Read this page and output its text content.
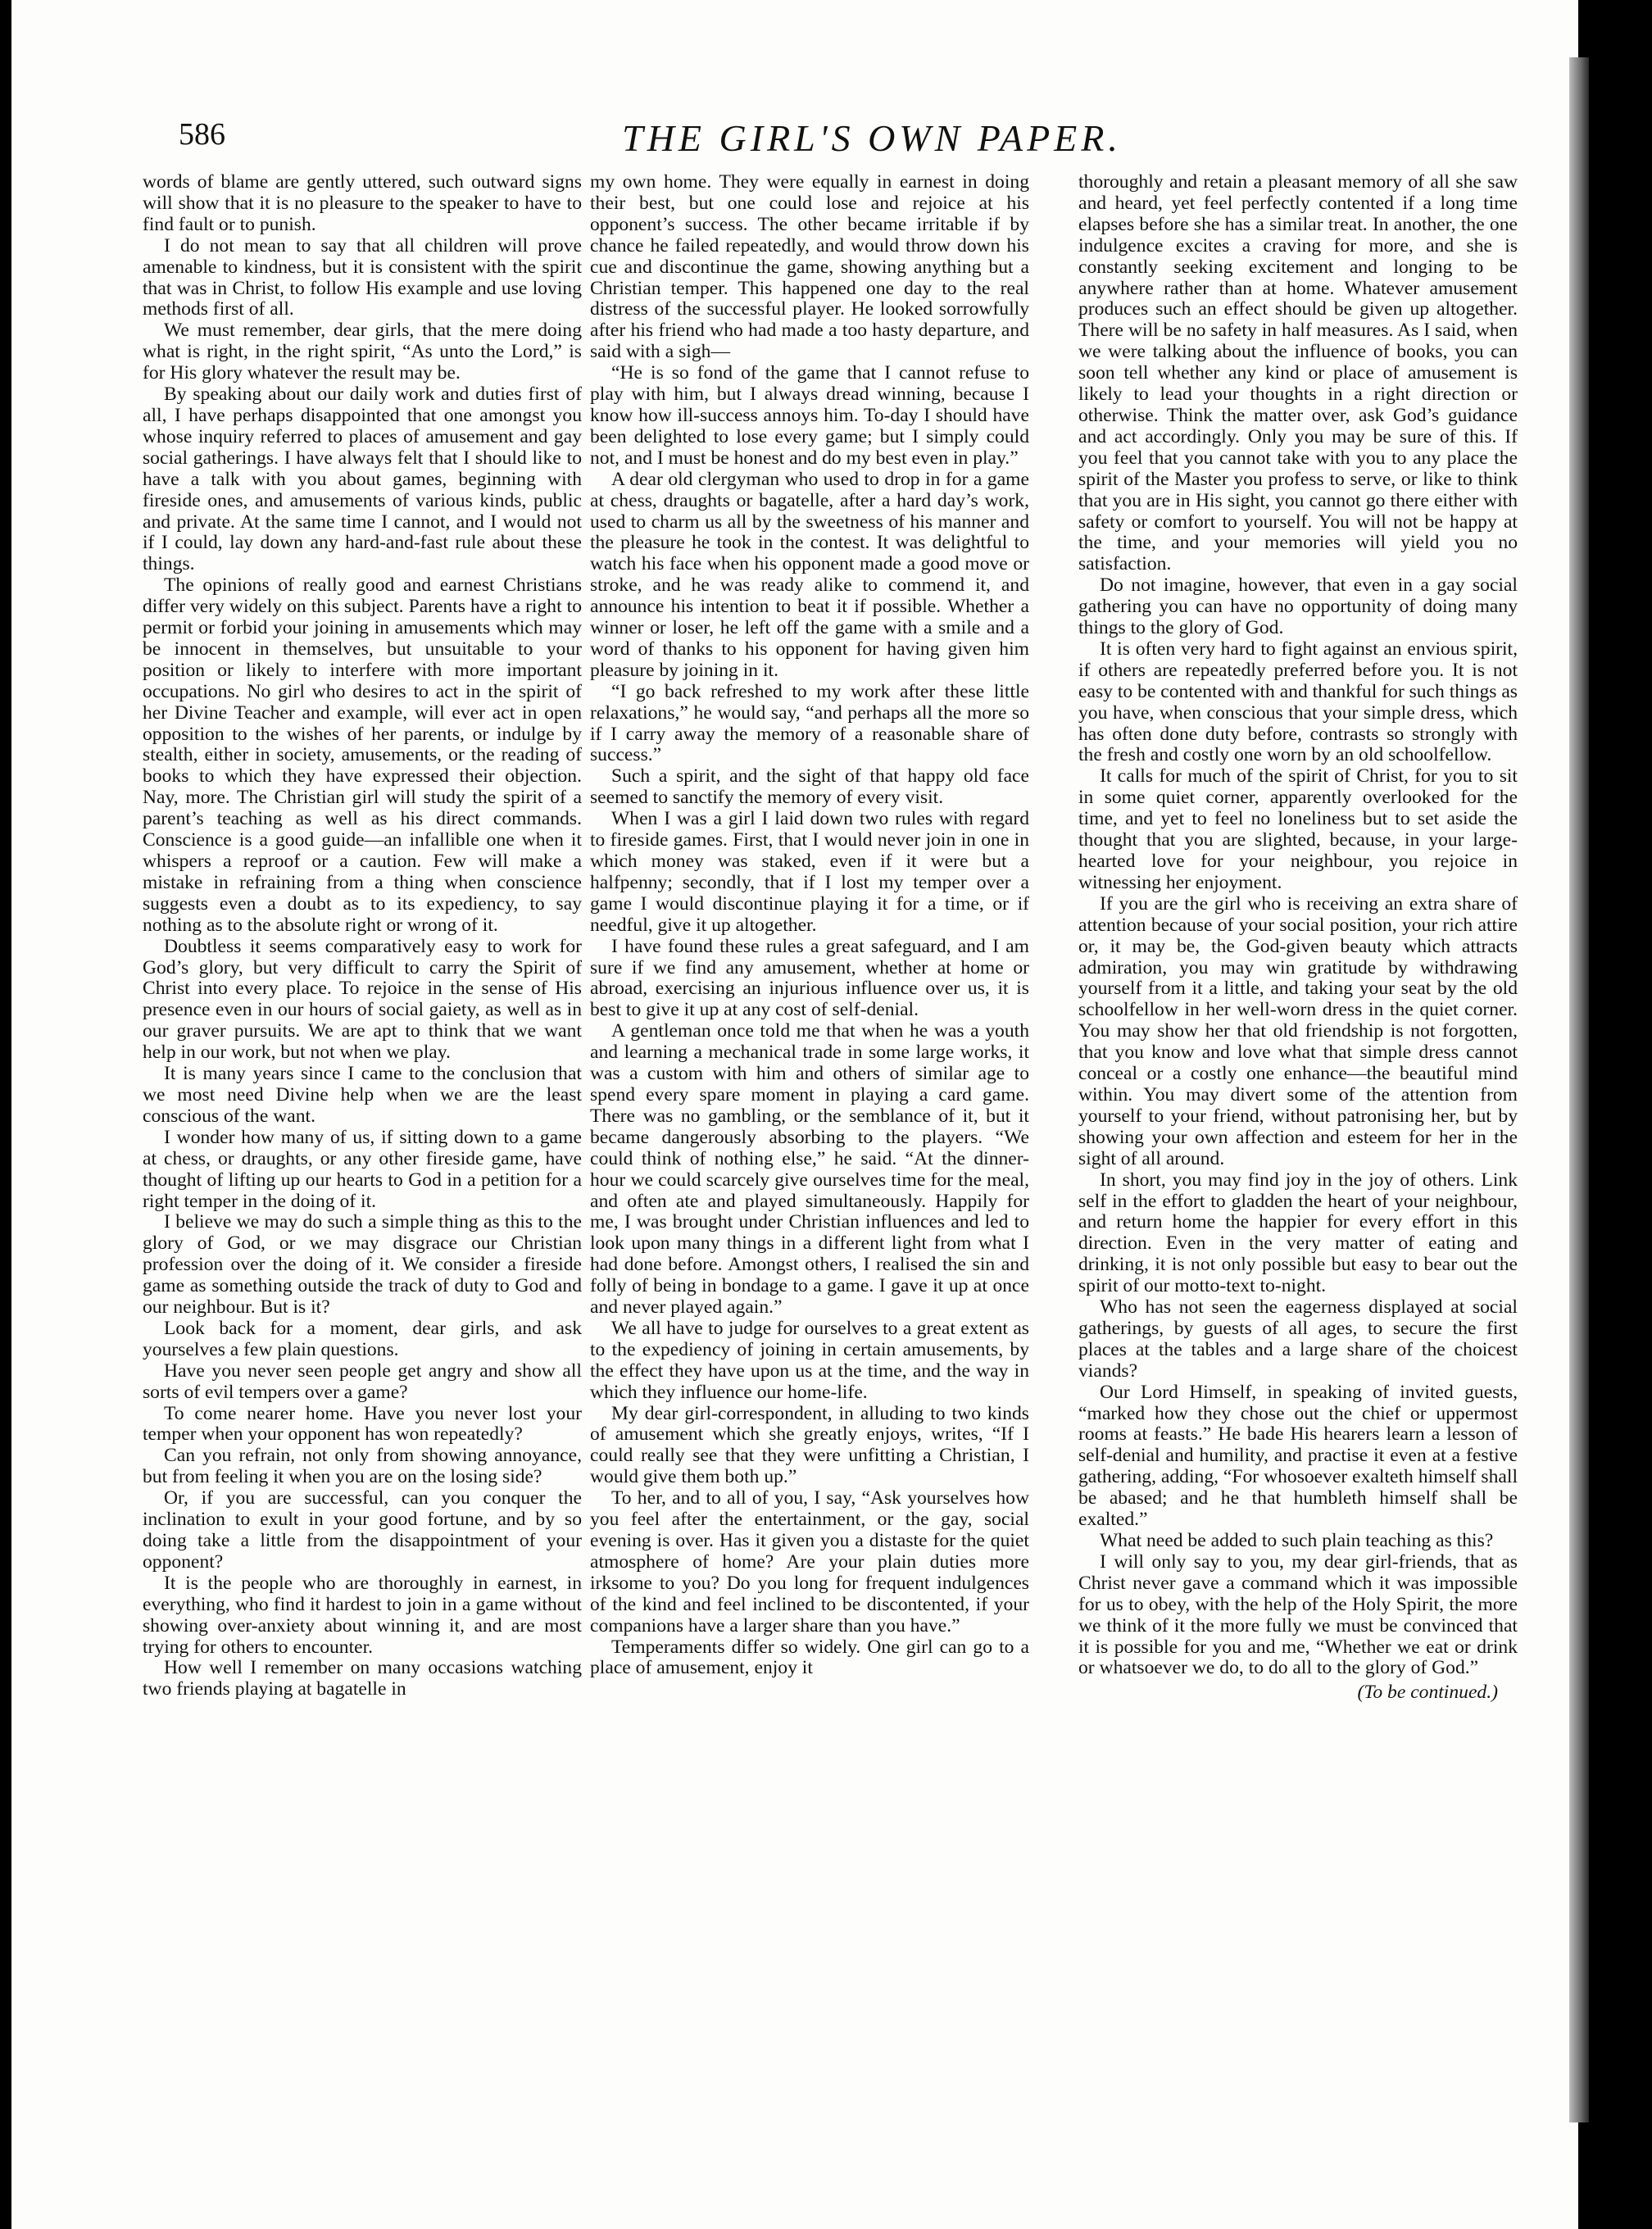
586	THE GIRL'S OWN PAPER.

words of blame are gently uttered, such outward signs will show that it is no pleasure to the speaker to have to find fault or to punish.

I do not mean to say that all children will prove amenable to kindness, but it is consistent with the spirit that was in Christ, to follow His example and use loving methods first of all.

We must remember, dear girls, that the mere doing what is right, in the right spirit, “As unto the Lord,” is for His glory whatever the result may be.

By speaking about our daily work and duties first of all, I have perhaps disappointed that one amongst you whose inquiry referred to places of amusement and gay social gatherings. I have always felt that I should like to have a talk with you about games, beginning with fireside ones, and amusements of various kinds, public and private. At the same time I cannot, and I would not if I could, lay down any hard-and-fast rule about these things.

The opinions of really good and earnest Christians differ very widely on this subject. Parents have a right to permit or forbid your joining in amusements which may be innocent in themselves, but unsuitable to your position or likely to interfere with more important occupations. No girl who desires to act in the spirit of her Divine Teacher and example, will ever act in open opposition to the wishes of her parents, or indulge by stealth, either in society, amusements, or the reading of books to which they have expressed their objection. Nay, more. The Christian girl will study the spirit of a parent’s teaching as well as his direct commands. Conscience is a good guide—an infallible one when it whispers a reproof or a caution. Few will make a mistake in refraining from a thing when conscience suggests even a doubt as to its expediency, to say nothing as to the absolute right or wrong of it.

Doubtless it seems comparatively easy to work for God’s glory, but very difficult to carry the Spirit of Christ into every place. To rejoice in the sense of His presence even in our hours of social gaiety, as well as in our graver pursuits. We are apt to think that we want help in our work, but not when we play.

It is many years since I came to the conclusion that we most need Divine help when we are the least conscious of the want.

I wonder how many of us, if sitting down to a game at chess, or draughts, or any other fireside game, have thought of lifting up our hearts to God in a petition for a right temper in the doing of it.

I believe we may do such a simple thing as this to the glory of God, or we may disgrace our Christian profession over the doing of it. We consider a fireside game as something outside the track of duty to God and our neighbour. But is it?

Look back for a moment, dear girls, and ask yourselves a few plain questions.

Have you never seen people get angry and show all sorts of evil tempers over a game?

To come nearer home. Have you never lost your temper when your opponent has won repeatedly?

Can you refrain, not only from showing annoyance, but from feeling it when you are on the losing side?

Or, if you are successful, can you conquer the inclination to exult in your good fortune, and by so doing take a little from the disappointment of your opponent?

It is the people who are thoroughly in earnest, in everything, who find it hardest to join in a game without showing over-anxiety about winning it, and are most trying for others to encounter.

How well I remember on many occasions watching two friends playing at bagatelle in

my own home. They were equally in earnest in doing their best, but one could lose and rejoice at his opponent’s success. The other became irritable if by chance he failed repeatedly, and would throw down his cue and discontinue the game, showing anything but a Christian temper. This happened one day to the real distress of the successful player. He looked sorrowfully after his friend who had made a too hasty departure, and said with a sigh—

“He is so fond of the game that I cannot refuse to play with him, but I always dread winning, because I know how ill-success annoys him. To-day I should have been delighted to lose every game; but I simply could not, and I must be honest and do my best even in play.”

A dear old clergyman who used to drop in for a game at chess, draughts or bagatelle, after a hard day’s work, used to charm us all by the sweetness of his manner and the pleasure he took in the contest. It was delightful to watch his face when his opponent made a good move or stroke, and he was ready alike to commend it, and announce his intention to beat it if possible. Whether a winner or loser, he left off the game with a smile and a word of thanks to his opponent for having given him pleasure by joining in it.

“I go back refreshed to my work after these little relaxations,” he would say, “and perhaps all the more so if I carry away the memory of a reasonable share of success.”

Such a spirit, and the sight of that happy old face seemed to sanctify the memory of every visit.

When I was a girl I laid down two rules with regard to fireside games. First, that I would never join in one in which money was staked, even if it were but a halfpenny; secondly, that if I lost my temper over a game I would discontinue playing it for a time, or if needful, give it up altogether.

I have found these rules a great safeguard, and I am sure if we find any amusement, whether at home or abroad, exercising an injurious influence over us, it is best to give it up at any cost of self-denial.

A gentleman once told me that when he was a youth and learning a mechanical trade in some large works, it was a custom with him and others of similar age to spend every spare moment in playing a card game. There was no gambling, or the semblance of it, but it became dangerously absorbing to the players. “We could think of nothing else,” he said. “At the dinner-hour we could scarcely give ourselves time for the meal, and often ate and played simultaneously. Happily for me, I was brought under Christian influences and led to look upon many things in a different light from what I had done before. Amongst others, I realised the sin and folly of being in bondage to a game. I gave it up at once and never played again.”

We all have to judge for ourselves to a great extent as to the expediency of joining in certain amusements, by the effect they have upon us at the time, and the way in which they influence our home-life.

My dear girl-correspondent, in alluding to two kinds of amusement which she greatly enjoys, writes, “If I could really see that they were unfitting a Christian, I would give them both up.”

To her, and to all of you, I say, “Ask yourselves how you feel after the entertainment, or the gay, social evening is over. Has it given you a distaste for the quiet atmosphere of home? Are your plain duties more irksome to you? Do you long for frequent indulgences of the kind and feel inclined to be discontented, if your companions have a larger share than you have.”

Temperaments differ so widely. One girl can go to a place of amusement, enjoy it

thoroughly and retain a pleasant memory of all she saw and heard, yet feel perfectly contented if a long time elapses before she has a similar treat. In another, the one indulgence excites a craving for more, and she is constantly seeking excitement and longing to be anywhere rather than at home. Whatever amusement produces such an effect should be given up altogether. There will be no safety in half measures. As I said, when we were talking about the influence of books, you can soon tell whether any kind or place of amusement is likely to lead your thoughts in a right direction or otherwise. Think the matter over, ask God’s guidance and act accordingly. Only you may be sure of this. If you feel that you cannot take with you to any place the spirit of the Master you profess to serve, or like to think that you are in His sight, you cannot go there either with safety or comfort to yourself. You will not be happy at the time, and your memories will yield you no satisfaction.

Do not imagine, however, that even in a gay social gathering you can have no opportunity of doing many things to the glory of God.

It is often very hard to fight against an envious spirit, if others are repeatedly preferred before you. It is not easy to be contented with and thankful for such things as you have, when conscious that your simple dress, which has often done duty before, contrasts so strongly with the fresh and costly one worn by an old schoolfellow.

It calls for much of the spirit of Christ, for you to sit in some quiet corner, apparently overlooked for the time, and yet to feel no loneliness but to set aside the thought that you are slighted, because, in your large-hearted love for your neighbour, you rejoice in witnessing her enjoyment.

If you are the girl who is receiving an extra share of attention because of your social position, your rich attire or, it may be, the God-given beauty which attracts admiration, you may win gratitude by withdrawing yourself from it a little, and taking your seat by the old schoolfellow in her well-worn dress in the quiet corner. You may show her that old friendship is not forgotten, that you know and love what that simple dress cannot conceal or a costly one enhance—the beautiful mind within. You may divert some of the attention from yourself to your friend, without patronising her, but by showing your own affection and esteem for her in the sight of all around.

In short, you may find joy in the joy of others. Link self in the effort to gladden the heart of your neighbour, and return home the happier for every effort in this direction. Even in the very matter of eating and drinking, it is not only possible but easy to bear out the spirit of our motto-text to-night.

Who has not seen the eagerness displayed at social gatherings, by guests of all ages, to secure the first places at the tables and a large share of the choicest viands?

Our Lord Himself, in speaking of invited guests, “marked how they chose out the chief or uppermost rooms at feasts.” He bade His hearers learn a lesson of self-denial and humility, and practise it even at a festive gathering, adding, “For whosoever exalteth himself shall be abased; and he that humbleth himself shall be exalted.”

What need be added to such plain teaching as this?

I will only say to you, my dear girl-friends, that as Christ never gave a command which it was impossible for us to obey, with the help of the Holy Spirit, the more we think of it the more fully we must be convinced that it is possible for you and me, “Whether we eat or drink or whatsoever we do, to do all to the glory of God.”

(To be continued.)
